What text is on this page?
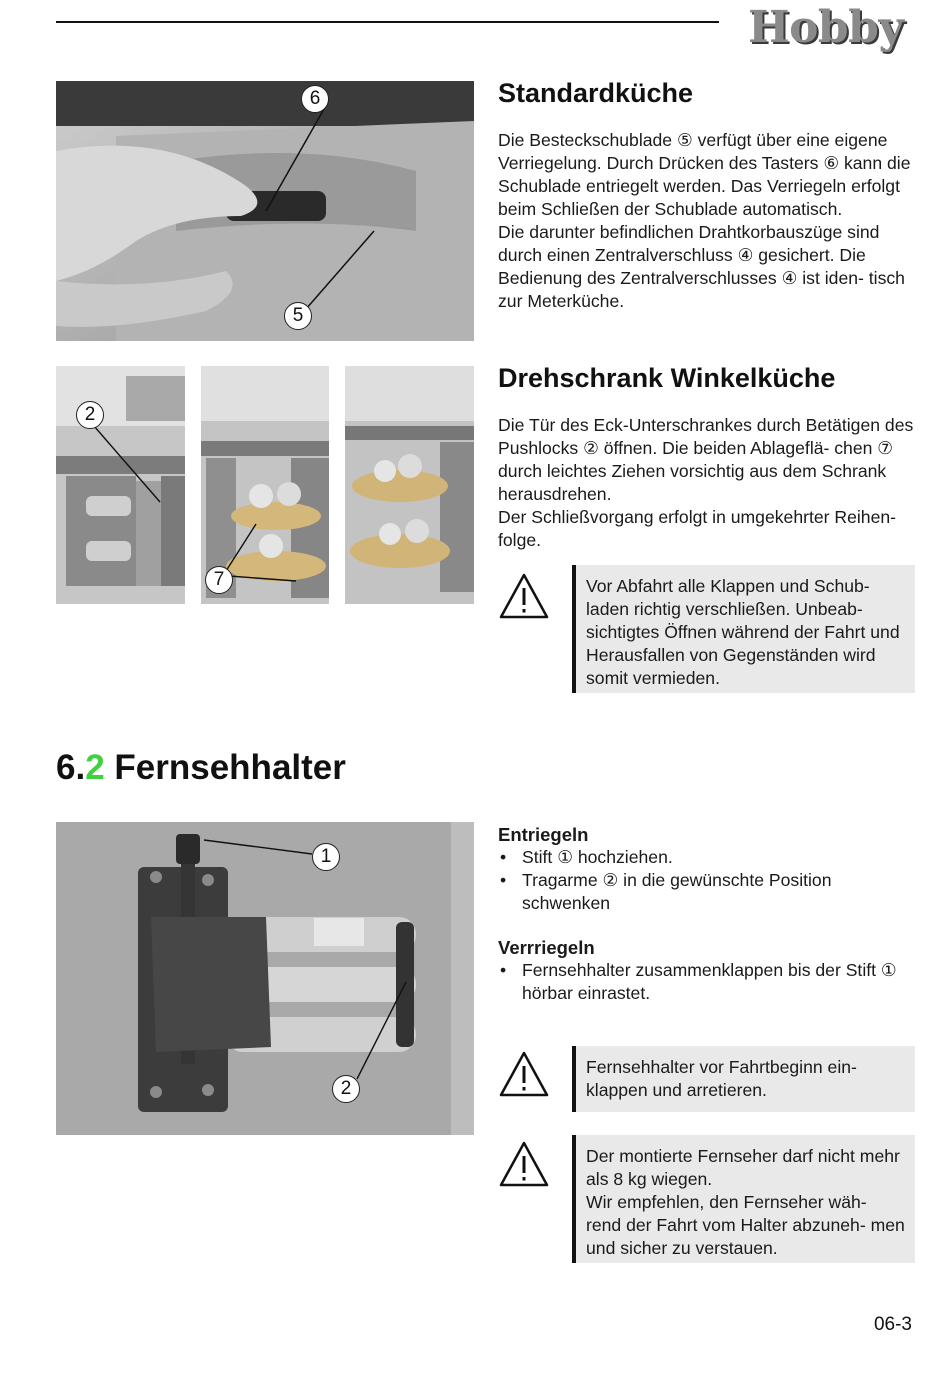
Hobby
6
5
Standardküche
Die Besteckschublade ⑤ verfügt über eine eigene Verriegelung. Durch Drücken des Tasters ⑥ kann die Schublade entriegelt werden. Das Verriegeln erfolgt beim Schließen der Schublade automatisch.
Die darunter befindlichen Drahtkorbauszüge sind durch einen Zentralverschluss ④ gesichert. Die Bedienung des Zentralverschlusses ④ ist iden- tisch zur Meterküche.
2
7
Drehschrank Winkelküche
Die Tür des Eck-Unterschrankes durch Betätigen des Pushlocks ② öffnen. Die beiden Ablageflä- chen ⑦ durch leichtes Ziehen vorsichtig aus dem Schrank herausdrehen.
Der Schließvorgang erfolgt in umgekehrter Reihen- folge.
Vor Abfahrt alle Klappen und Schub- laden richtig verschließen. Unbeab- sichtigtes Öffnen während der Fahrt und Herausfallen von Gegenständen wird somit vermieden.
6.2 Fernsehhalter
1
2

Entriegeln

• Stift ① hochziehen.
• Tragarme ② in die gewünschte Position schwenken

Verrriegeln

• Fernsehhalter zusammenklappen bis der Stift ① hörbar einrastet.
Fernsehhalter vor Fahrtbeginn ein- klappen und arretieren.
Der montierte Fernseher darf nicht mehr als 8 kg wiegen.
Wir empfehlen, den Fernseher wäh- rend der Fahrt vom Halter abzuneh- men und sicher zu verstauen.
06-3
